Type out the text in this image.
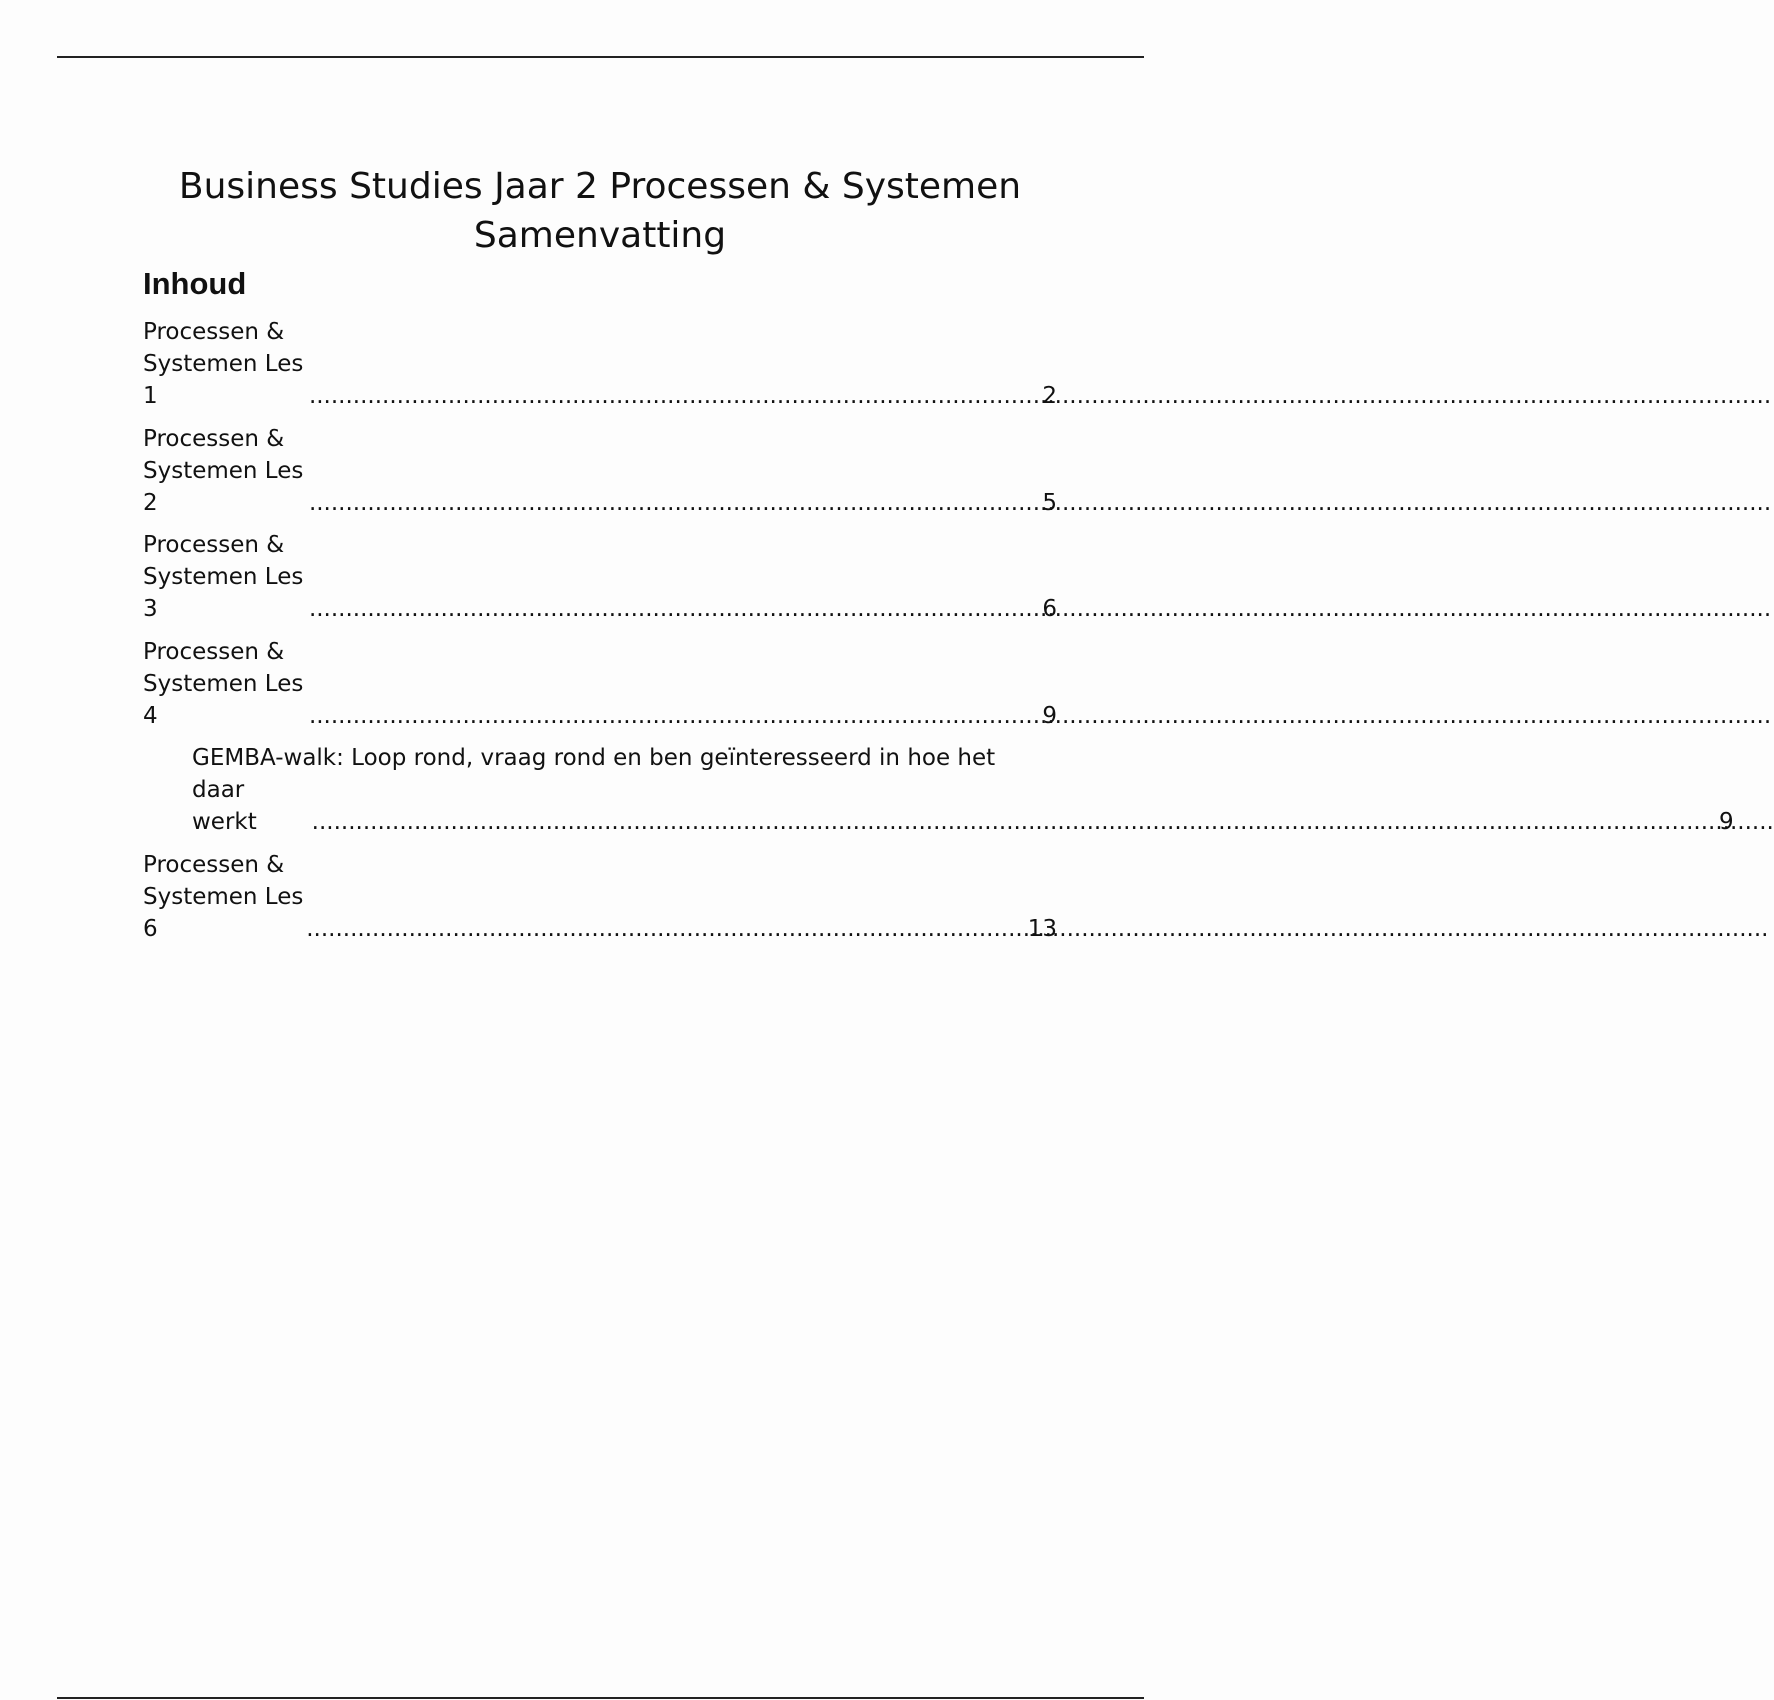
Business Studies Jaar 2 Processen & Systemen
Samenvatting
Inhoud
Processen & Systemen Les 1 .....	2
Processen & Systemen Les 2 .....	5
Processen & Systemen Les 3 .....	6
Processen & Systemen Les 4 .....	9
GEMBA-walk: Loop rond, vraag rond en ben geïnteresseerd in hoe het
daar werkt .....	9
Processen & Systemen Les 6 .....	13
